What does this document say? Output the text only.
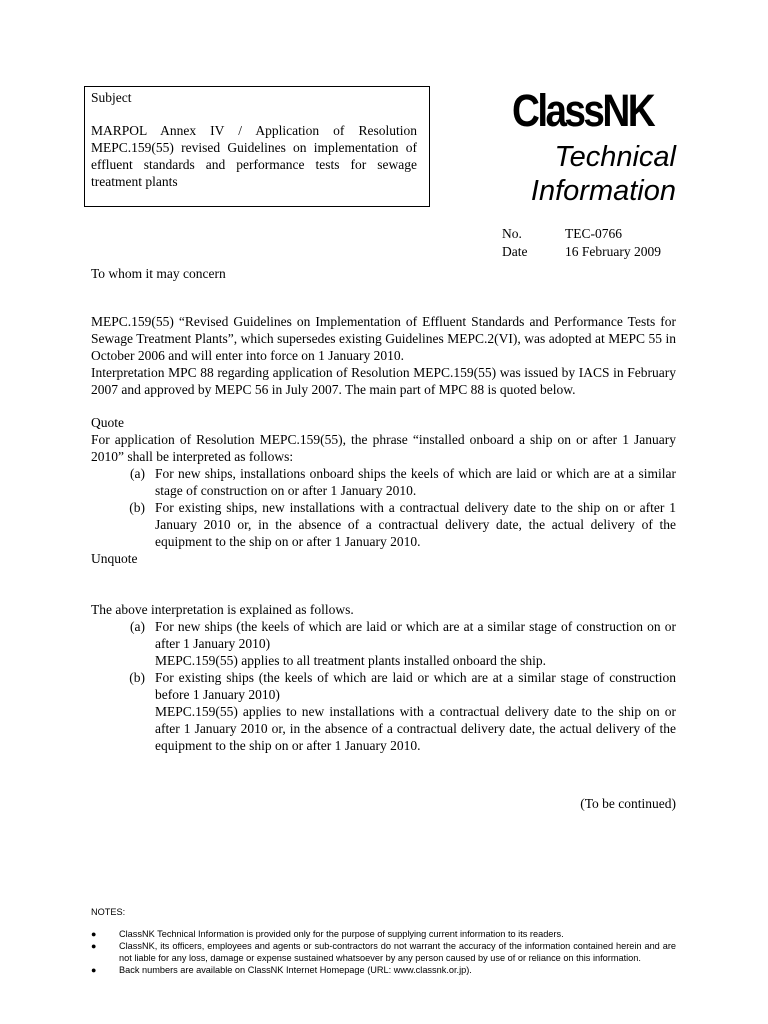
Subject
MARPOL Annex IV / Application of Resolution MEPC.159(55) revised Guidelines on implementation of effluent standards and performance tests for sewage treatment plants
ClassNK
Technical
Information
No.	TEC-0766
Date	16 February 2009

To whom it may concern

MEPC.159(55) “Revised Guidelines on Implementation of Effluent Standards and Performance Tests for Sewage Treatment Plants”, which supersedes existing Guidelines MEPC.2(VI), was adopted at MEPC 55 in October 2006 and will enter into force on 1 January 2010.

Interpretation MPC 88 regarding application of Resolution MEPC.159(55) was issued by IACS in February 2007 and approved by MEPC 56 in July 2007. The main part of MPC 88 is quoted below.

Quote

For application of Resolution MEPC.159(55), the phrase “installed onboard a ship on or after 1 January 2010” shall be interpreted as follows:

(a) For new ships, installations onboard ships the keels of which are laid or which are at a similar stage of construction on or after 1 January 2010.
(b) For existing ships, new installations with a contractual delivery date to the ship on or after 1 January 2010 or, in the absence of a contractual delivery date, the actual delivery of the equipment to the ship on or after 1 January 2010.

Unquote

The above interpretation is explained as follows.

(a) For new ships (the keels of which are laid or which are at a similar stage of construction on or after 1 January 2010)

MEPC.159(55) applies to all treatment plants installed onboard the ship.

(b) For existing ships (the keels of which are laid or which are at a similar stage of construction before 1 January 2010)

MEPC.159(55) applies to new installations with a contractual delivery date to the ship on or after 1 January 2010 or, in the absence of a contractual delivery date, the actual delivery of the equipment to the ship on or after 1 January 2010.

(To be continued)
NOTES:
●	ClassNK Technical Information is provided only for the purpose of supplying current information to its readers.
●	ClassNK, its officers, employees and agents or sub-contractors do not warrant the accuracy of the information contained herein and are not liable for any loss, damage or expense sustained whatsoever by any person caused by use of or reliance on this information.
●	Back numbers are available on ClassNK Internet Homepage (URL: www.classnk.or.jp).
